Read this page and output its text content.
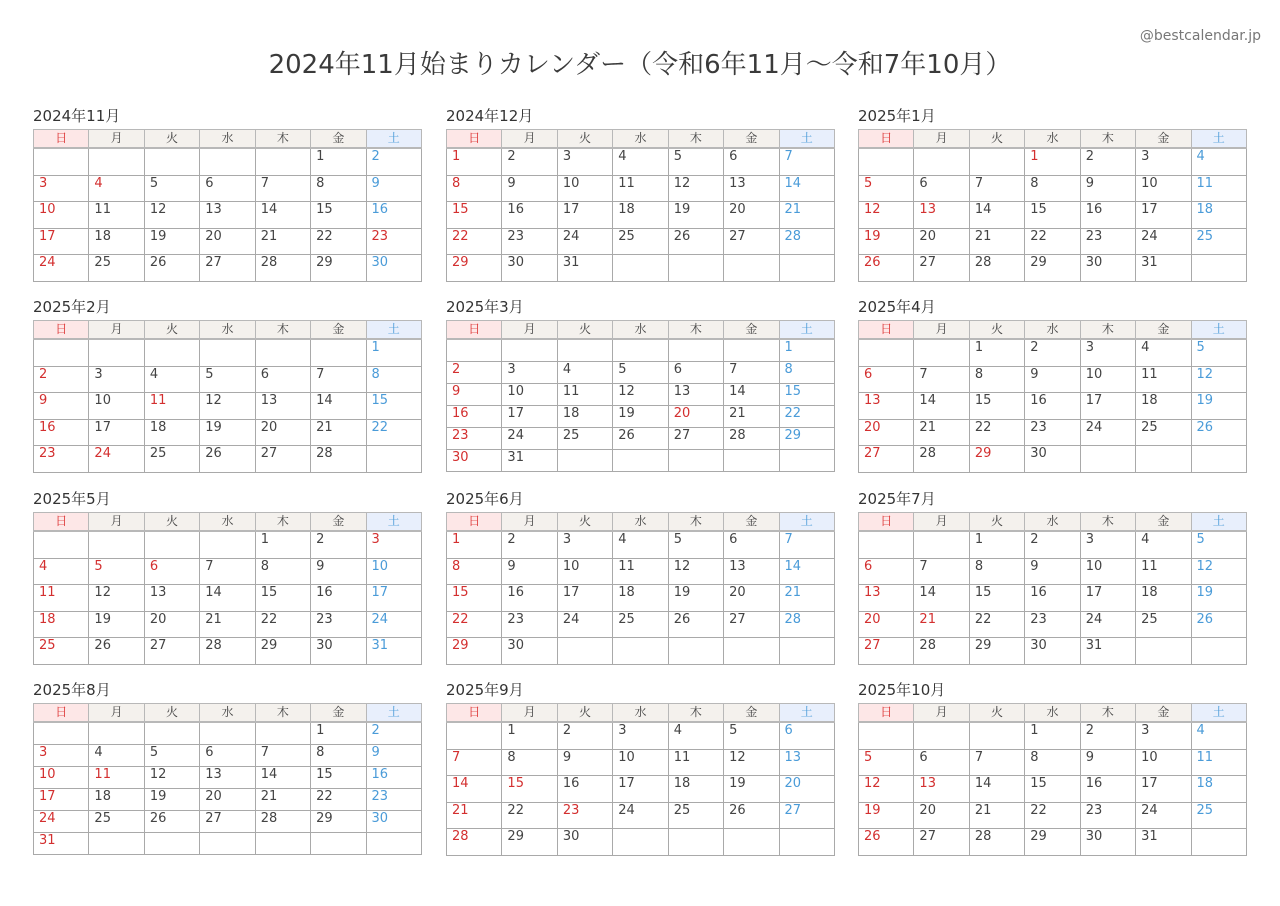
2024年11月始まりカレンダー（令和6年11月〜令和7年10月）
@bestcalendar.jp
2024年11月
日	月	火	水	木	金	土
					1	2
3	4	5	6	7	8	9
10	11	12	13	14	15	16
17	18	19	20	21	22	23
24	25	26	27	28	29	30
2024年12月
日	月	火	水	木	金	土
1	2	3	4	5	6	7
8	9	10	11	12	13	14
15	16	17	18	19	20	21
22	23	24	25	26	27	28
29	30	31				
2025年1月
日	月	火	水	木	金	土
			1	2	3	4
5	6	7	8	9	10	11
12	13	14	15	16	17	18
19	20	21	22	23	24	25
26	27	28	29	30	31	
2025年2月
日	月	火	水	木	金	土
						1
2	3	4	5	6	7	8
9	10	11	12	13	14	15
16	17	18	19	20	21	22
23	24	25	26	27	28	
2025年3月
日	月	火	水	木	金	土
						1
2	3	4	5	6	7	8
9	10	11	12	13	14	15
16	17	18	19	20	21	22
23	24	25	26	27	28	29
30	31					
2025年4月
日	月	火	水	木	金	土
		1	2	3	4	5
6	7	8	9	10	11	12
13	14	15	16	17	18	19
20	21	22	23	24	25	26
27	28	29	30			
2025年5月
日	月	火	水	木	金	土
				1	2	3
4	5	6	7	8	9	10
11	12	13	14	15	16	17
18	19	20	21	22	23	24
25	26	27	28	29	30	31
2025年6月
日	月	火	水	木	金	土
1	2	3	4	5	6	7
8	9	10	11	12	13	14
15	16	17	18	19	20	21
22	23	24	25	26	27	28
29	30					
2025年7月
日	月	火	水	木	金	土
		1	2	3	4	5
6	7	8	9	10	11	12
13	14	15	16	17	18	19
20	21	22	23	24	25	26
27	28	29	30	31		
2025年8月
日	月	火	水	木	金	土
					1	2
3	4	5	6	7	8	9
10	11	12	13	14	15	16
17	18	19	20	21	22	23
24	25	26	27	28	29	30
31						
2025年9月
日	月	火	水	木	金	土
	1	2	3	4	5	6
7	8	9	10	11	12	13
14	15	16	17	18	19	20
21	22	23	24	25	26	27
28	29	30				
2025年10月
日	月	火	水	木	金	土
			1	2	3	4
5	6	7	8	9	10	11
12	13	14	15	16	17	18
19	20	21	22	23	24	25
26	27	28	29	30	31	
